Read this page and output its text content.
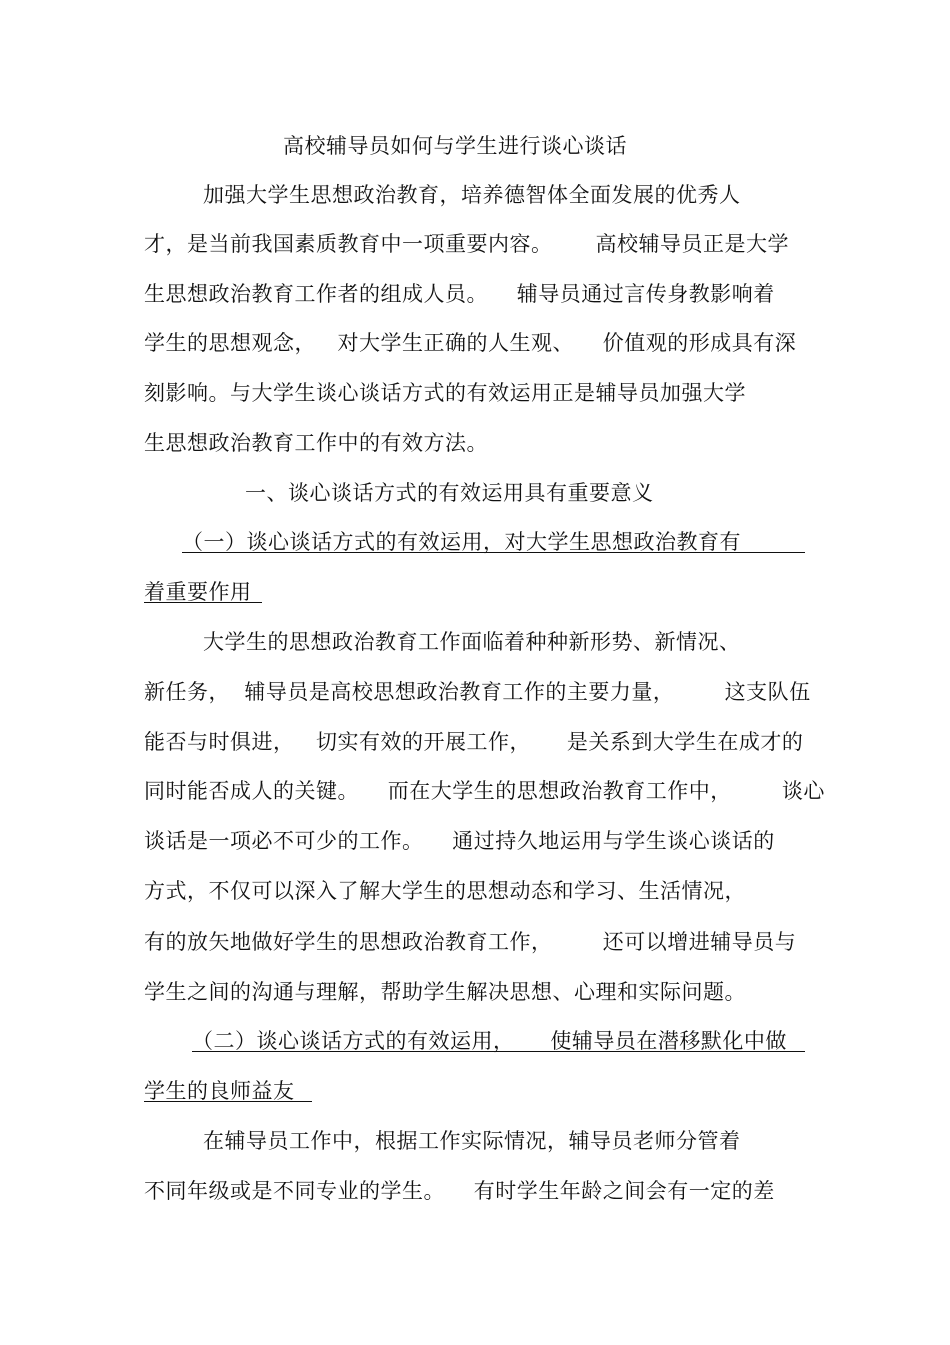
高校辅导员如何与学生进行谈心谈话
加强大学生思想政治教育，培养德智体全面发展的优秀人
才，是当前我国素质教育中一项重要内容。      高校辅导员正是大学
生思想政治教育工作者的组成人员。    辅导员通过言传身教影响着
学生的思想观念，   对大学生正确的人生观、    价值观的形成具有深
刻影响。与大学生谈心谈话方式的有效运用正是辅导员加强大学
生思想政治教育工作中的有效方法。
一、谈心谈话方式的有效运用具有重要意义
（一）谈心谈话方式的有效运用，对大学生思想政治教育有
着重要作用
大学生的思想政治教育工作面临着种种新形势、新情况、
新任务，  辅导员是高校思想政治教育工作的主要力量，       这支队伍
能否与时俱进，   切实有效的开展工作，     是关系到大学生在成才的
同时能否成人的关键。    而在大学生的思想政治教育工作中，       谈心
谈话是一项必不可少的工作。    通过持久地运用与学生谈心谈话的
方式，不仅可以深入了解大学生的思想动态和学习、生活情况，
有的放矢地做好学生的思想政治教育工作，       还可以增进辅导员与
学生之间的沟通与理解，帮助学生解决思想、心理和实际问题。
（二）谈心谈话方式的有效运用，     使辅导员在潜移默化中做
学生的良师益友
在辅导员工作中，根据工作实际情况，辅导员老师分管着
不同年级或是不同专业的学生。    有时学生年龄之间会有一定的差
